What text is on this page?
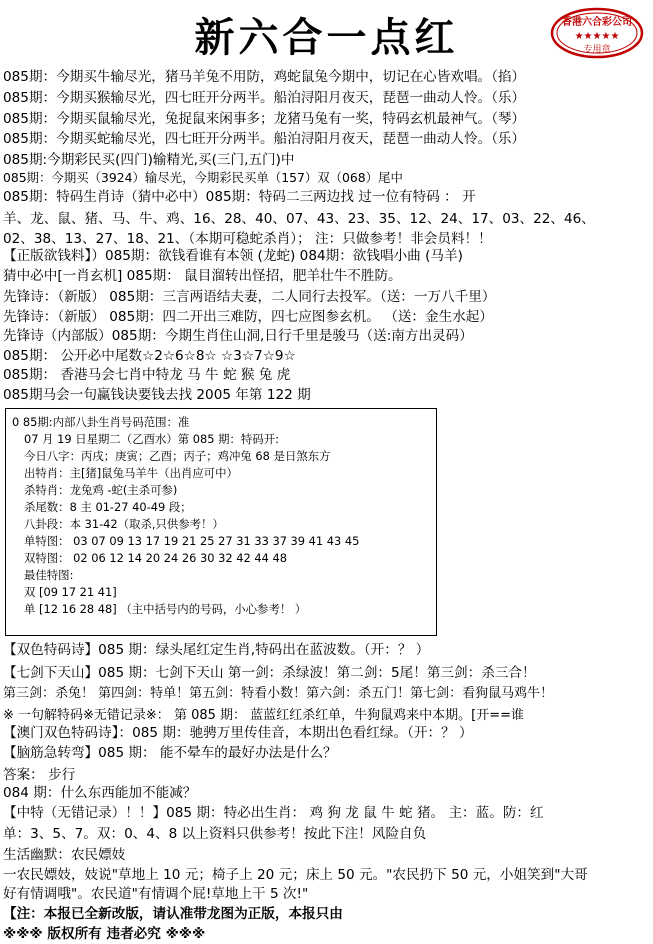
新六合一点红	香港六合彩公司
★★★★★
专用章
085期：今期买牛输尽光，猪马羊兔不用防，鸡蛇鼠兔今期中，切记在心皆欢唱。（掐）
085期：今期买猴输尽光，四七旺开分两半。船泊浔阳月夜天，琵琶一曲动人怜。（乐）
085期：今期买鼠输尽光，兔捉鼠来闲事多；龙猪马兔有一奖，特码玄机最神气。（琴）
085期：今期买蛇输尽光，四七旺开分两半。船泊浔阳月夜天，琵琶一曲动人怜。（乐）
085期:今期彩民买(四门)输精光,买(三门,五门)中
085期：今期买（3924）输尽光，今期彩民买单（157）双（068）尾中
085期：特码生肖诗（猜中必中）085期：特码二三两边找 过一位有特码 ： 开
羊、龙、鼠、猪、马、牛、鸡、16、28、40、07、43、23、35、12、24、17、03、22、46、
02、38、13、27、18、21、（本期可稳蛇杀肖）； 注：只做参考！非会员料！！
【正版欲钱料】）085期：欲钱看谁有本领 (龙蛇) 084期：欲钱唱小曲 (马羊)
猜中必中[一肖玄机] 085期： 鼠目溜转出怪招，肥羊壮牛不胜防。
先锋诗：（新版） 085期：三言两语结夫妻，二人同行去投军。（送：一万八千里）
先锋诗：（新版） 085期：四二开出三难防，四七应图参玄机。 （送：金生水起）
先锋诗（内部版）085期：今期生肖住山洞,日行千里是骏马（送:南方出灵码）
085期： 公开必中尾数☆2☆6☆8☆ ☆3☆7☆9☆
085期： 香港马会七肖中特龙 马 牛 蛇 猴 兔 虎
085期马会一句赢钱诀要钱去找 2005 年第 122 期
0 85期:内部八卦生肖号码范围：准
07 月 19 日星期二（乙酉水）第 085 期：特码开:
今日八字：丙戌；庚寅；乙酉；丙子；鸡冲兔 68 是日煞东方
出特肖：主[猪]鼠兔马羊牛（出肖应可中）
杀特肖：龙兔鸡 -蛇(主杀可参)
杀尾数：8 主 01-27 40-49 段；
八卦段：本 31-42（取杀,只供参考！）
单特图： 03 07 09 13 17 19 21 25 27 31 33 37 39 41 43 45
双特图： 02 06 12 14 20 24 26 30 32 42 44 48
最佳特图:
双 [09 17 21 41]
单 [12 16 28 48] （主中括号内的号码，小心参考！ ）
【双色特码诗】085 期：绿头尾红定生肖,特码出在蓝波数。（开：？ ）
【七剑下天山】085 期：七剑下天山 第一剑：杀绿波！第二剑：5尾！第三剑：杀三合！
第三剑：杀兔！ 第四剑：特单！第五剑：特看小数！第六剑：杀五门！第七剑：看狗鼠马鸡牛！
※ 一句解特码※无错记录※： 第 085 期： 蓝蓝红红杀红单，牛狗鼠鸡来中本期。[开==谁
【澳门双色特码诗】：085 期：驰骋万里传佳音，本期出色看红绿。（开：？ ）
【脑筋急转弯】085 期： 能不晕车的最好办法是什么？
答案： 步行
084 期：什么东西能加不能减？
【中特（无错记录）！！】085 期：特必出生肖： 鸡 狗 龙 鼠 牛 蛇 猪。 主：蓝。防：红
单：3、5、7。双：0、4、8 以上资料只供参考！按此下注！风险自负
生活幽默：农民嫖妓
一农民嫖妓，妓说"草地上 10 元；椅子上 20 元；床上 50 元。"农民扔下 50 元，小姐笑到"大哥
好有情调哦"。农民道"有情调个屁!草地上干 5 次!"
【注：本报已全新改版，请认准带龙图为正版，本报只由
※※※ 版权所有 违者必究 ※※※
